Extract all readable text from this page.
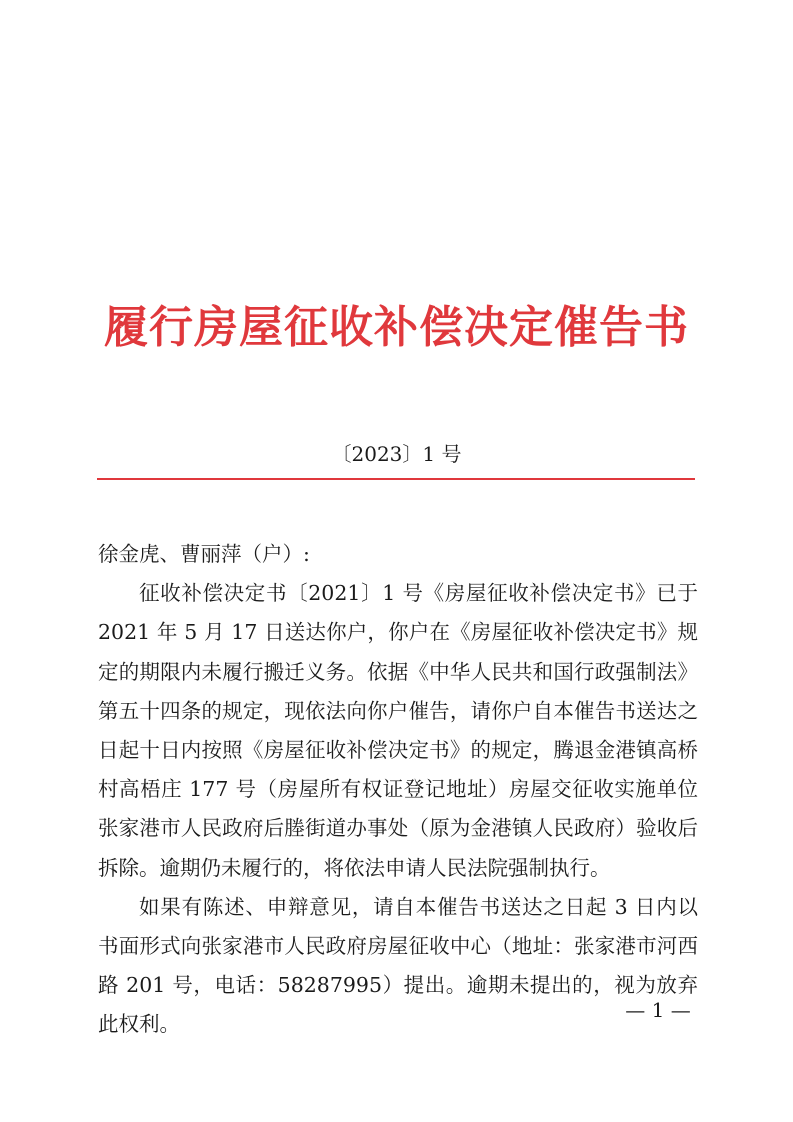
履行房屋征收补偿决定催告书
〔2023〕1 号

徐金虎、曹丽萍（户）:

征收补偿决定书〔2021〕1 号《房屋征收补偿决定书》已于 2021 年 5 月 17 日送达你户，你户在《房屋征收补偿决定书》规定的期限内未履行搬迁义务。依据《中华人民共和国行政强制法》第五十四条的规定，现依法向你户催告，请你户自本催告书送达之日起十日内按照《房屋征收补偿决定书》的规定，腾退金港镇高桥村高梧庄 177 号（房屋所有权证登记地址）房屋交征收实施单位张家港市人民政府后塍街道办事处（原为金港镇人民政府）验收后拆除。逾期仍未履行的，将依法申请人民法院强制执行。

如果有陈述、申辩意见，请自本催告书送达之日起 3 日内以书面形式向张家港市人民政府房屋征收中心（地址：张家港市河西路 201 号，电话：58287995）提出。逾期未提出的，视为放弃此权利。

— 1 —
